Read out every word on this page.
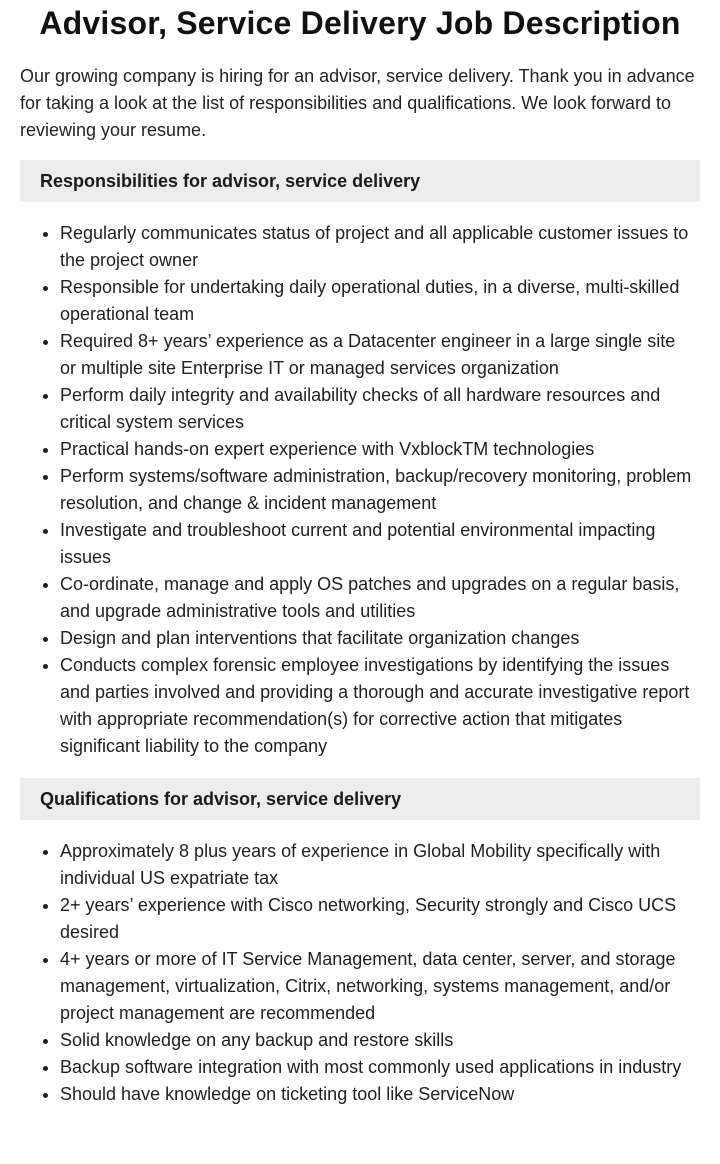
Advisor, Service Delivery Job Description

Our growing company is hiring for an advisor, service delivery. Thank you in advance for taking a look at the list of responsibilities and qualifications. We look forward to reviewing your resume.

Responsibilities for advisor, service delivery
• Regularly communicates status of project and all applicable customer issues to the project owner
• Responsible for undertaking daily operational duties, in a diverse, multi-skilled operational team
• Required 8+ years’ experience as a Datacenter engineer in a large single site or multiple site Enterprise IT or managed services organization
• Perform daily integrity and availability checks of all hardware resources and critical system services
• Practical hands-on expert experience with VxblockTM technologies
• Perform systems/software administration, backup/recovery monitoring, problem resolution, and change & incident management
• Investigate and troubleshoot current and potential environmental impacting issues
• Co-ordinate, manage and apply OS patches and upgrades on a regular basis, and upgrade administrative tools and utilities
• Design and plan interventions that facilitate organization changes
• Conducts complex forensic employee investigations by identifying the issues and parties involved and providing a thorough and accurate investigative report with appropriate recommendation(s) for corrective action that mitigates significant liability to the company
Qualifications for advisor, service delivery
• Approximately 8 plus years of experience in Global Mobility specifically with individual US expatriate tax
• 2+ years’ experience with Cisco networking, Security strongly and Cisco UCS desired
• 4+ years or more of IT Service Management, data center, server, and storage management, virtualization, Citrix, networking, systems management, and/or project management are recommended
• Solid knowledge on any backup and restore skills
• Backup software integration with most commonly used applications in industry
• Should have knowledge on ticketing tool like ServiceNow
